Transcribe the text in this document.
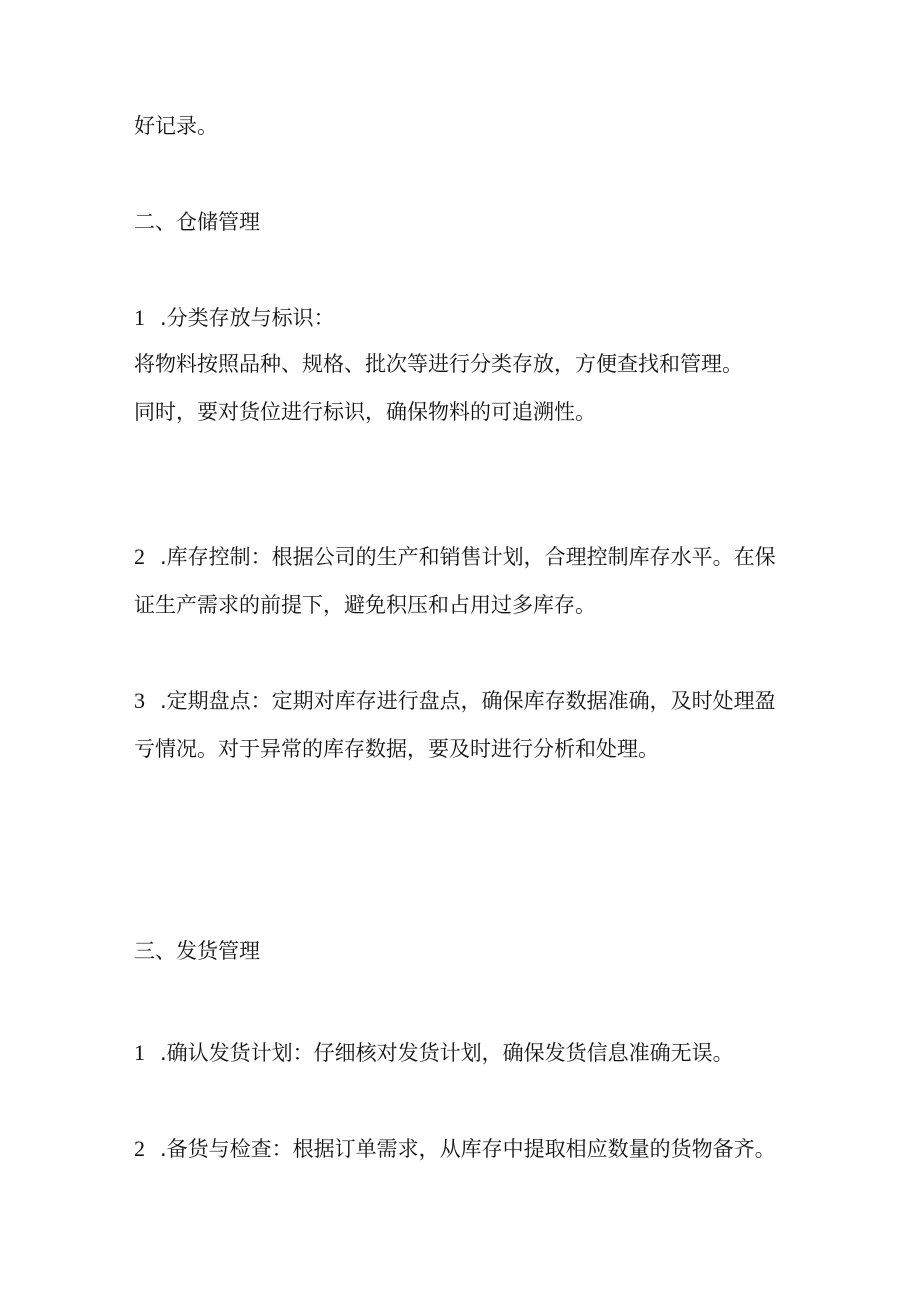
好记录。
二、仓储管理
1 .分类存放与标识：
将物料按照品种、规格、批次等进行分类存放，方便查找和管理。
同时，要对货位进行标识，确保物料的可追溯性。
2 .库存控制：根据公司的生产和销售计划，合理控制库存水平。在保
证生产需求的前提下，避免积压和占用过多库存。
3 .定期盘点：定期对库存进行盘点，确保库存数据准确，及时处理盈
亏情况。对于异常的库存数据，要及时进行分析和处理。
三、发货管理
1 .确认发货计划：仔细核对发货计划，确保发货信息准确无误。
2 .备货与检查：根据订单需求，从库存中提取相应数量的货物备齐。
